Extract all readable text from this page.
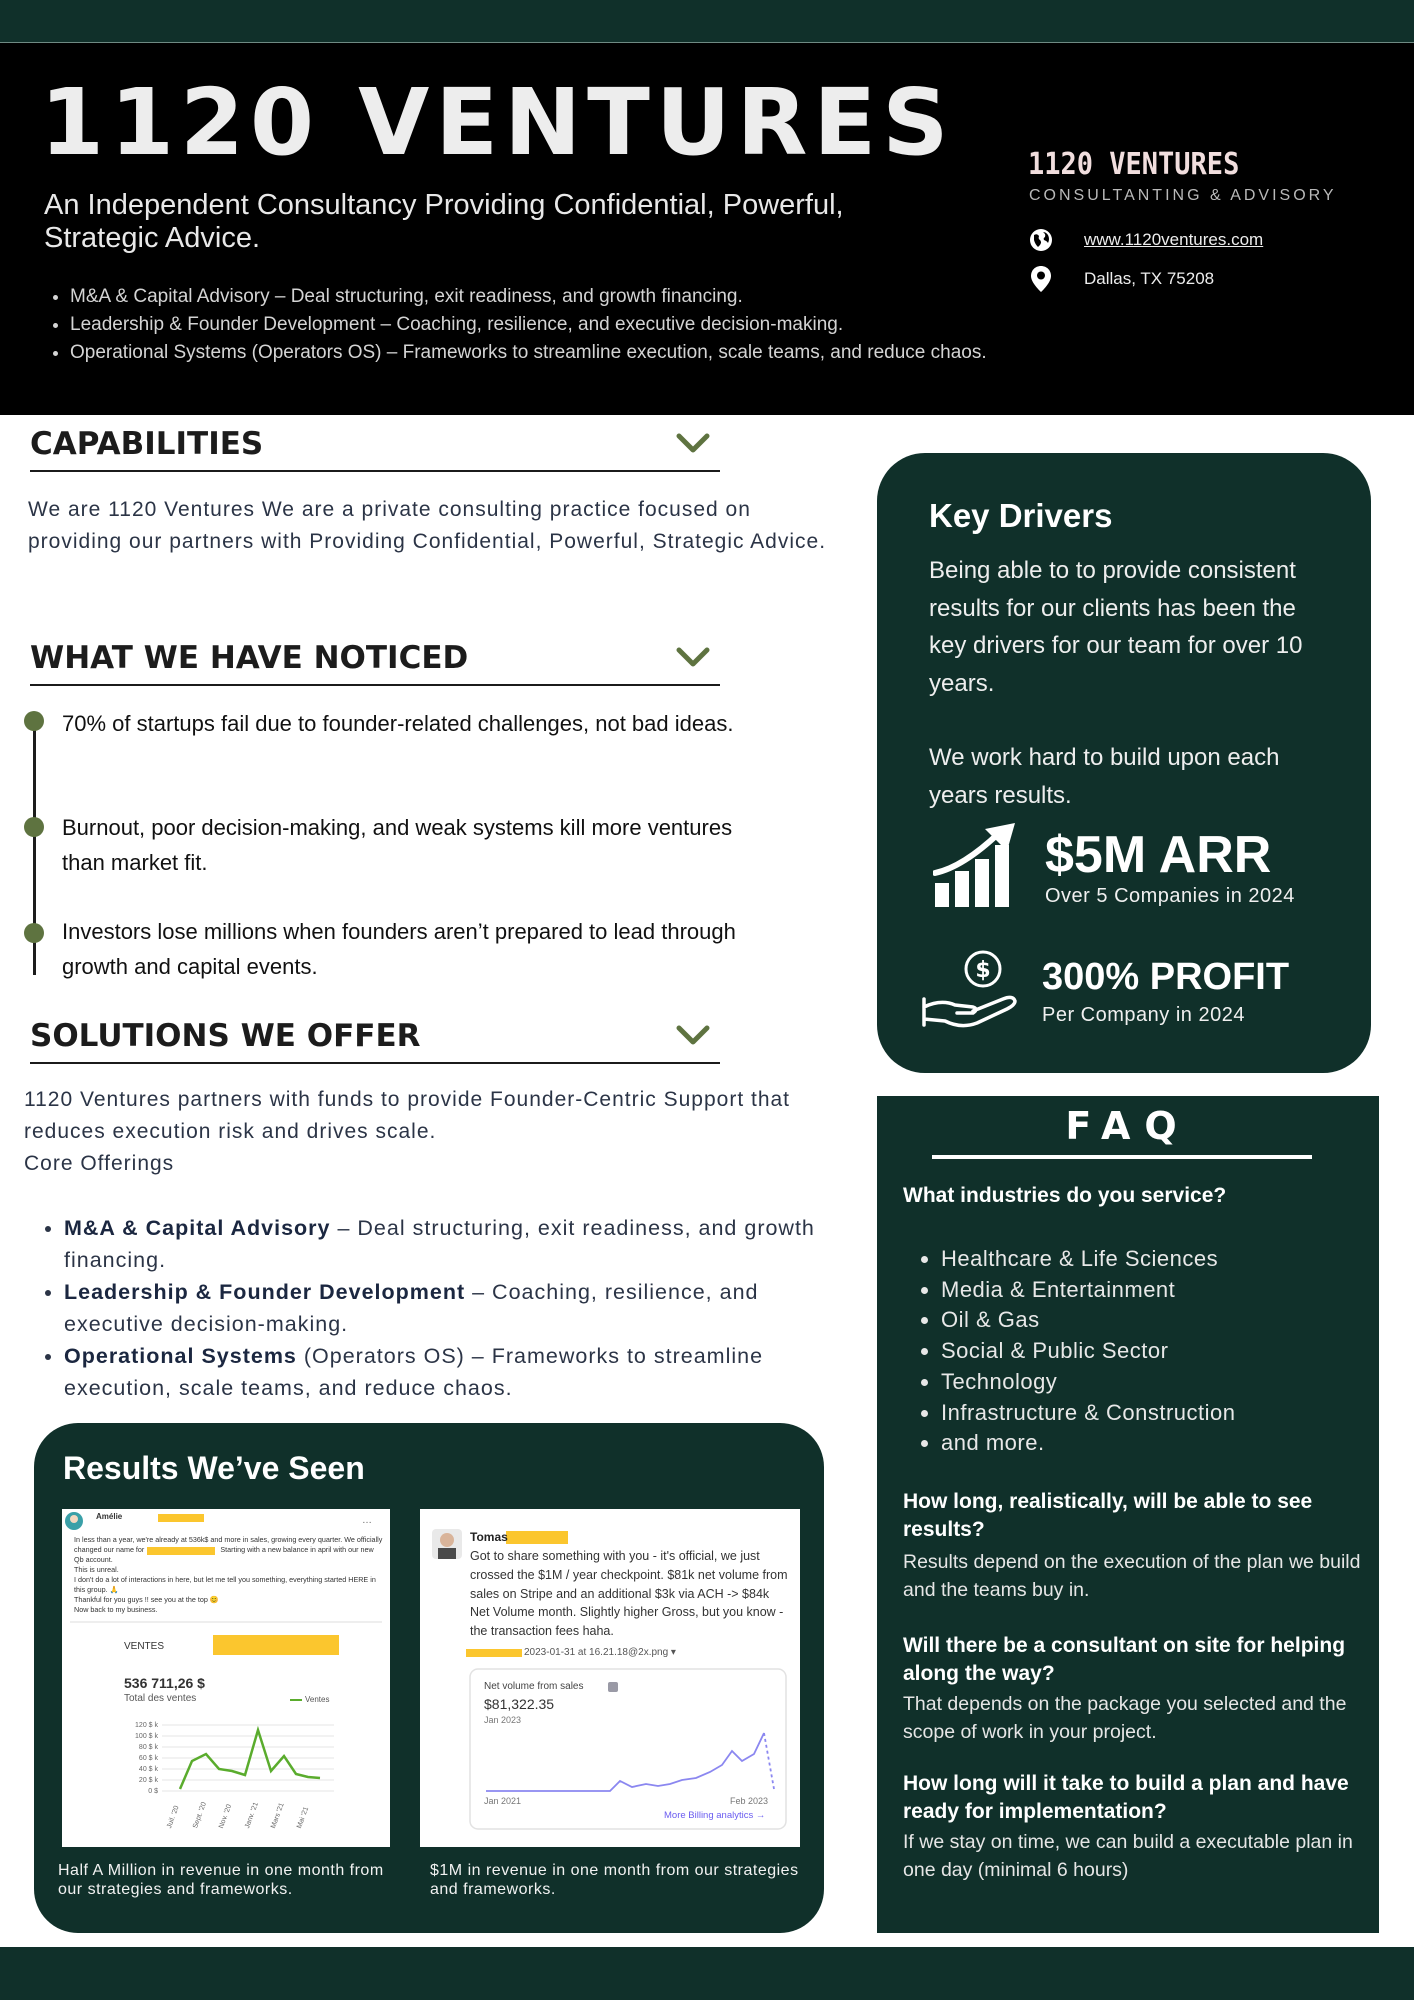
1120 VENTURES
An Independent Consultancy Providing Confidential, Powerful, Strategic Advice.
• M&A & Capital Advisory – Deal structuring, exit readiness, and growth financing.
• Leadership & Founder Development – Coaching, resilience, and executive decision-making.
• Operational Systems (Operators OS) – Frameworks to streamline execution, scale teams, and reduce chaos.
1120 VENTURES
CONSULTANTING & ADVISORY
www.1120ventures.com
Dallas, TX 75208
CAPABILITIES
We are 1120 Ventures We are a private consulting practice focused on providing our partners with Providing Confidential, Powerful, Strategic Advice.
WHAT WE HAVE NOTICED
70% of startups fail due to founder-related challenges, not bad ideas.
Burnout, poor decision-making, and weak systems kill more ventures than market fit.
Investors lose millions when founders aren’t prepared to lead through growth and capital events.
SOLUTIONS WE OFFER
1120 Ventures partners with funds to provide Founder-Centric Support that reduces execution risk and drives scale.
Core Offerings
• M&A & Capital Advisory – Deal structuring, exit readiness, and growth financing.
• Leadership & Founder Development – Coaching, resilience, and executive decision-making.
• Operational Systems (Operators OS) – Frameworks to streamline execution, scale teams, and reduce chaos.
Results We’ve Seen
…
Amélie
In less than a year, we're already at 536k$ and more in sales, growing every quarter. We officially changed our name for	Starting with a new balance in april with our new Qb account.
This is unreal.
I don't do a lot of interactions in here, but let me tell you something, everything started HERE in this group. 🙏
Thankful for you guys !! see you at the top 😊
Now back to my business.
VENTES
536 711,26 $
Total des ventes	Ventes
120 $ k
100 $ k
80 $ k
60 $ k
40 $ k
20 $ k
0 $
Juil. '20 Sept. '20 Nov. '20 Janv. '21 Mars '21 Mai '21
Tomas
Got to share something with you - it's official, we just crossed the $1M / year checkpoint. $81k net volume from sales on Stripe and an additional $3k via ACH -> $84k Net Volume month. Slightly higher Gross, but you know - the transaction fees haha.
2023-01-31 at 16.21.18@2x.png ▾
Net volume from sales
$81,322.35
Jan 2023
Jan 2021	Feb 2023
More Billing analytics →
Half A Million in revenue in one month from our strategies and frameworks.
$1M in revenue in one month from our strategies and frameworks.
Key Drivers
Being able to to provide consistent results for our clients has been the key drivers for our team for over 10 years.
We work hard to build upon each years results.
$5M ARR
Over 5 Companies in 2024
$ 300% PROFIT
Per Company in 2024
FAQ
What industries do you service?
• Healthcare & Life Sciences
• Media & Entertainment
• Oil & Gas
• Social & Public Sector
• Technology
• Infrastructure & Construction
• and more.
How long, realistically, will be able to see results?
Results depend on the execution of the plan we build and the teams buy in.
Will there be a consultant on site for helping along the way?
That depends on the package you selected and the scope of work in your project.
How long will it take to build a plan and have ready for implementation?
If we stay on time, we can build a executable plan in one day (minimal 6 hours)
